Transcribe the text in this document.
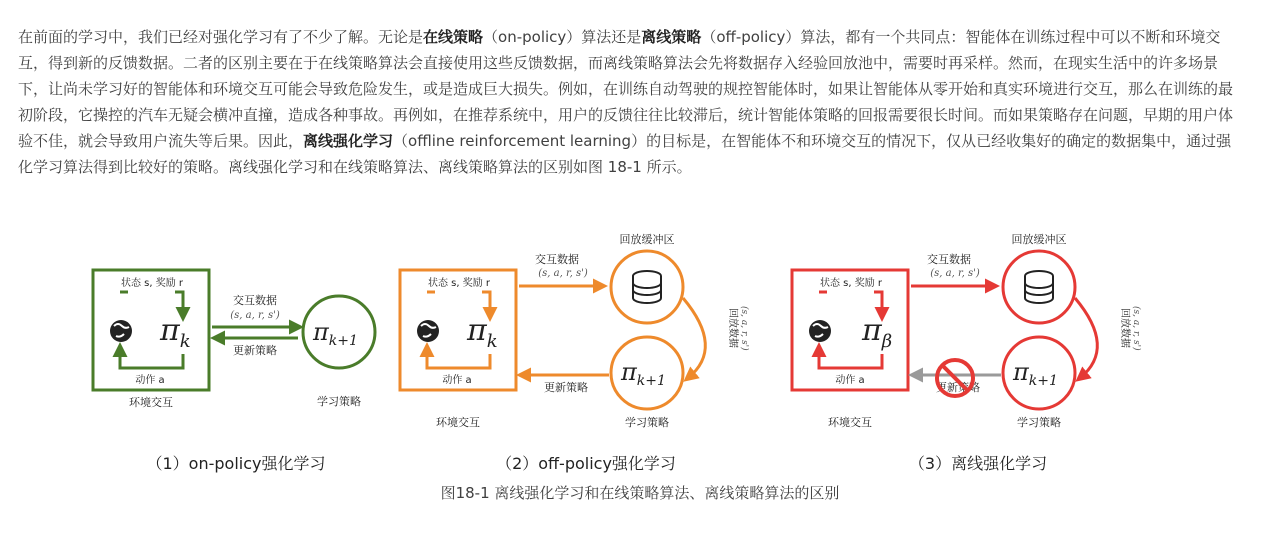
在前面的学习中，我们已经对强化学习有了不少了解。无论是在线策略（on-policy）算法还是离线策略（off-policy）算法，都有一个共同点：智能体在训练过程中可以不断和环境交互，得到新的反馈数据。二者的区别主要在于在线策略算法会直接使用这些反馈数据，而离线策略算法会先将数据存入经验回放池中，需要时再采样。然而，在现实生活中的许多场景下，让尚未学习好的智能体和环境交互可能会导致危险发生，或是造成巨大损失。例如，在训练自动驾驶的规控智能体时，如果让智能体从零开始和真实环境进行交互，那么在训练的最初阶段，它操控的汽车无疑会横冲直撞，造成各种事故。再例如，在推荐系统中，用户的反馈往往比较滞后，统计智能体策略的回报需要很长时间。而如果策略存在问题，早期的用户体验不佳，就会导致用户流失等后果。因此，离线强化学习（offline reinforcement learning）的目标是，在智能体不和环境交互的情况下，仅从已经收集好的确定的数据集中，通过强化学习算法得到比较好的策略。离线强化学习和在线策略算法、离线策略算法的区别如图 18-1 所示。
状态 s, 奖励 r
$\pi_k$
动作 a
环境交互
交互数据
(s, a, r, s')
更新策略
$\pi_{k+1}$
学习策略
（1）on-policy强化学习
状态 s, 奖励 r
$\pi_k$
动作 a
环境交互
交互数据
(s, a, r, s')
回放缓冲区
回放数据 (s, a, r, s')
$\pi_{k+1}$
更新策略
学习策略
（2）off-policy强化学习
状态 s, 奖励 r
$\pi_\beta$
动作 a
环境交互
交互数据
(s, a, r, s')
回放缓冲区
回放数据 (s, a, r, s')
$\pi_{k+1}$
更新策略
学习策略
（3）离线强化学习
图18-1 离线强化学习和在线策略算法、离线策略算法的区别
